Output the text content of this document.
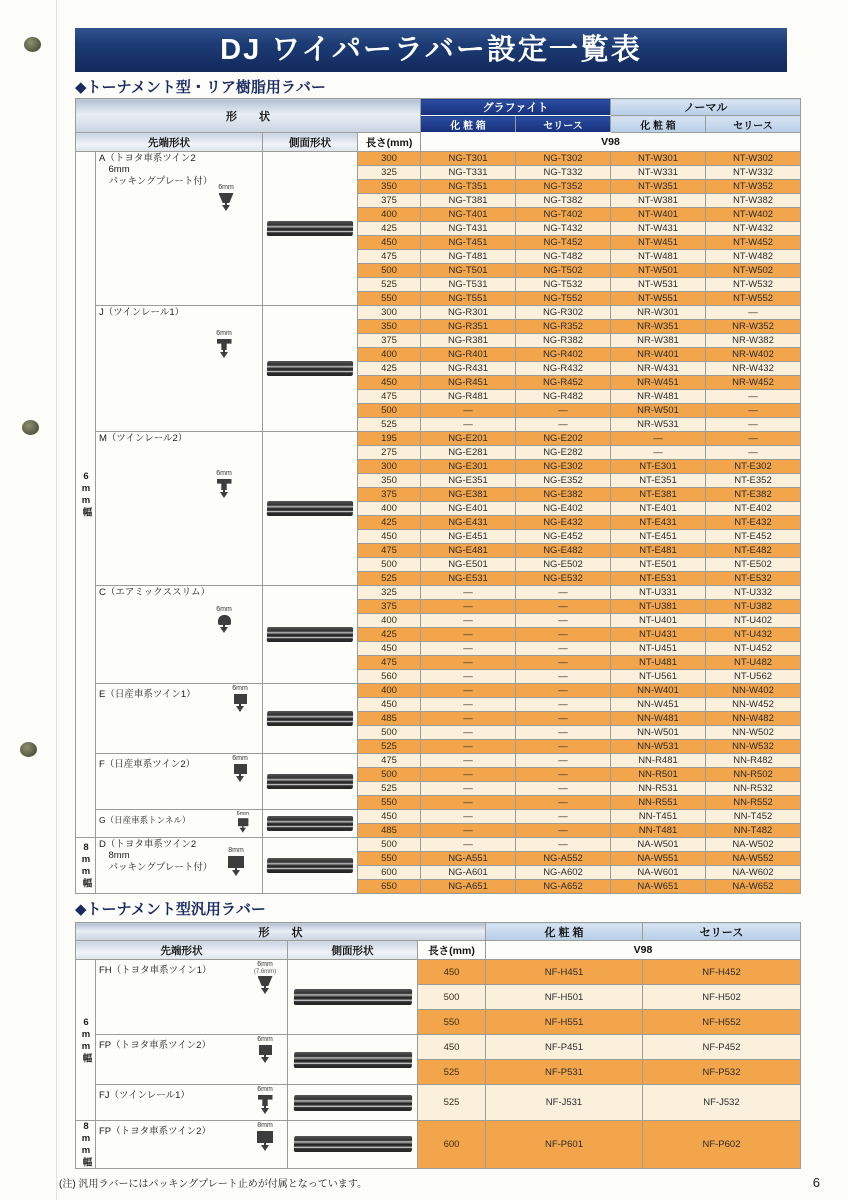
DJ ワイパーラバー設定一覧表
◆トーナメント型・リア樹脂用ラバー
形　　状				グラファイト		ノーマル	
				化 粧 箱	セリース	化 粧 箱	セリース
先端形状		側面形状	長さ(mm)	V98			

6mm幅	A（トヨタ車系ツイン2
　6mm
　パッキングプレート付）
6mm		300	NG-T301	NG-T302	NT-W301	NT-W302
			325	NG-T331	NG-T332	NT-W331	NT-W332
			350	NG-T351	NG-T352	NT-W351	NT-W352
			375	NG-T381	NG-T382	NT-W381	NT-W382
			400	NG-T401	NG-T402	NT-W401	NT-W402
			425	NG-T431	NG-T432	NT-W431	NT-W432
			450	NG-T451	NG-T452	NT-W451	NT-W452
			475	NG-T481	NG-T482	NT-W481	NT-W482
			500	NG-T501	NG-T502	NT-W501	NT-W502
			525	NG-T531	NG-T532	NT-W531	NT-W532
			550	NG-T551	NG-T552	NT-W551	NT-W552

	J（ツインレール1）
6mm		300	NG-R301	NG-R302	NR-W301	—
			350	NG-R351	NG-R352	NR-W351	NR-W352
			375	NG-R381	NG-R382	NR-W381	NR-W382
			400	NG-R401	NG-R402	NR-W401	NR-W402
			425	NG-R431	NG-R432	NR-W431	NR-W432
			450	NG-R451	NG-R452	NR-W451	NR-W452
			475	NG-R481	NG-R482	NR-W481	—
			500	—	—	NR-W501	—
			525	—	—	NR-W531	—

	M（ツインレール2）
6mm		195	NG-E201	NG-E202	—	—
			275	NG-E281	NG-E282	—	—
			300	NG-E301	NG-E302	NT-E301	NT-E302
			350	NG-E351	NG-E352	NT-E351	NT-E352
			375	NG-E381	NG-E382	NT-E381	NT-E382
			400	NG-E401	NG-E402	NT-E401	NT-E402
			425	NG-E431	NG-E432	NT-E431	NT-E432
			450	NG-E451	NG-E452	NT-E451	NT-E452
			475	NG-E481	NG-E482	NT-E481	NT-E482
			500	NG-E501	NG-E502	NT-E501	NT-E502
			525	NG-E531	NG-E532	NT-E531	NT-E532

	C（エアミックススリム）
6mm		325	—	—	NT-U331	NT-U332
			375	—	—	NT-U381	NT-U382
			400	—	—	NT-U401	NT-U402
			425	—	—	NT-U431	NT-U432
			450	—	—	NT-U451	NT-U452
			475	—	—	NT-U481	NT-U482
			560	—	—	NT-U561	NT-U562

	E（日産車系ツイン1）
6mm		400	—	—	NN-W401	NN-W402
			450	—	—	NN-W451	NN-W452
			485	—	—	NN-W481	NN-W482
			500	—	—	NN-W501	NN-W502
			525	—	—	NN-W531	NN-W532

	F（日産車系ツイン2）
6mm		475	—	—	NN-R481	NN-R482
			500	—	—	NN-R501	NN-R502
			525	—	—	NN-R531	NN-R532
			550	—	—	NN-R551	NN-R552

	G（日産車系トンネル）
6mm		450	—	—	NN-T451	NN-T452
			485	—	—	NN-T481	NN-T482

8mm幅	D（トヨタ車系ツイン2
　8mm
　パッキングプレート付）
8mm		500	—	—	NA-W501	NA-W502
			550	NG-A551	NG-A552	NA-W551	NA-W552
			600	NG-A601	NG-A602	NA-W601	NA-W602
			650	NG-A651	NG-A652	NA-W651	NA-W652
◆トーナメント型汎用ラバー
形　　状				化 粧 箱	セリース
先端形状		側面形状	長さ(mm)	V98	

6mm幅	FH（トヨタ車系ツイン1）
6mm
(7.6mm)		450	NF-H451	NF-H452
			500	NF-H501	NF-H502
			550	NF-H551	NF-H552

	FP（トヨタ車系ツイン2）
6mm		450	NF-P451	NF-P452
			525	NF-P531	NF-P532

	FJ（ツインレール1）
6mm		525	NF-J531	NF-J532

8mm幅	FP（トヨタ車系ツイン2）
8mm		600	NF-P601	NF-P602
(注) 汎用ラバーにはパッキングプレート止めが付属となっています。	6
